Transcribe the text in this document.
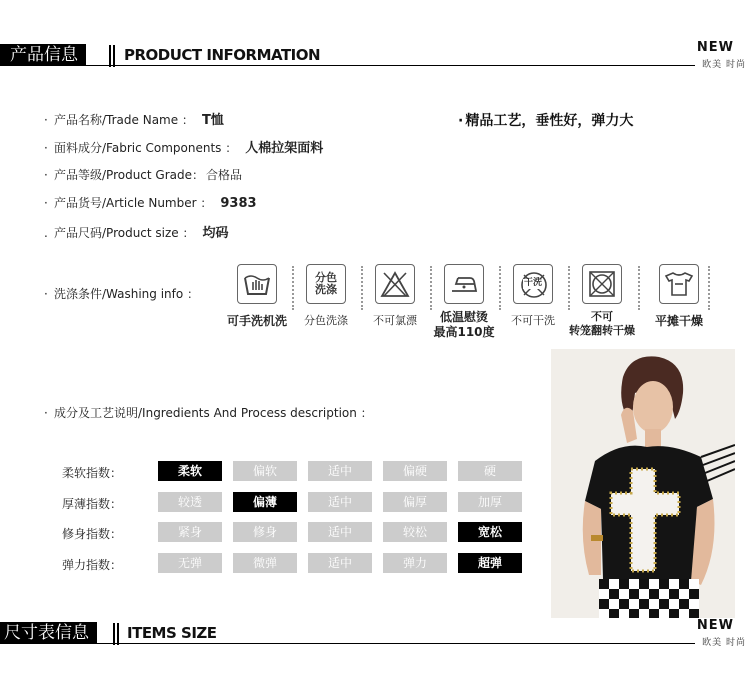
产品信息	PRODUCT INFORMATION	NEW
欧美 时尚
· 产品名称/Trade Name ： T恤
· 面料成分/Fabric Components ： 人棉拉架面料
· 产品等级/Product Grade： 合格品
· 产品货号/Article Number ： 9383
. 产品尺码/Product size ： 均码
· 精品工艺，垂性好，弹力大
· 洗涤条件/Washing info ：
可手洗机洗
分色洗涤
分色洗涤	不可氯漂	低温慰烫
最高110度
干洗
不可干洗	不可
转笼翻转干燥
平摊干燥
· 成分及工艺说明/Ingredients And Process description ：
柔软指数：	柔软	偏软	适中	偏硬	硬
厚薄指数：	较透	偏薄	适中	偏厚	加厚
修身指数：	紧身	修身	适中	较松	宽松
弹力指数：	无弹	微弹	适中	弹力	超弹
尺寸表信息	ITEMS SIZE	NEW
欧美 时尚
